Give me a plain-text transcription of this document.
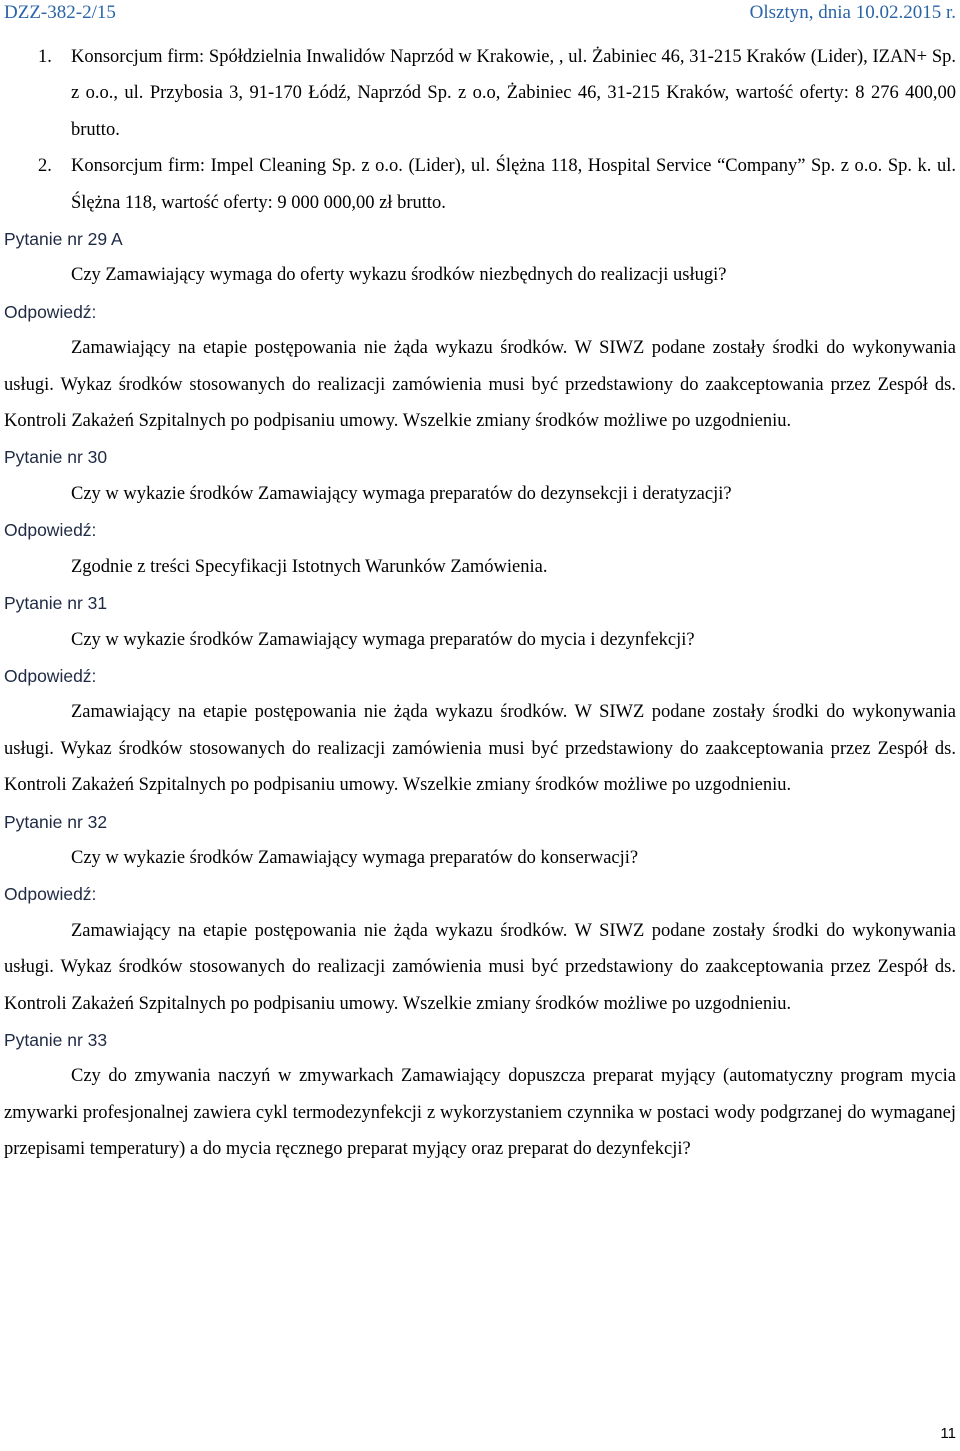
DZZ-382-2/15	Olsztyn, dnia 10.02.2015 r.
1. Konsorcjum firm: Spółdzielnia Inwalidów Naprzód w Krakowie, , ul. Żabiniec 46, 31-215 Kraków (Lider), IZAN+ Sp. z o.o., ul. Przybosia 3, 91-170 Łódź, Naprzód Sp. z o.o, Żabiniec 46, 31-215 Kraków, wartość oferty: 8 276 400,00 brutto.
2. Konsorcjum firm: Impel Cleaning Sp. z o.o. (Lider), ul. Ślężna 118, Hospital Service “Company” Sp. z o.o. Sp. k. ul. Ślężna 118, wartość oferty: 9 000 000,00 zł brutto.
Pytanie nr 29 A
Czy Zamawiający wymaga do oferty wykazu środków niezbędnych do realizacji usługi?
Odpowiedź:
Zamawiający na etapie postępowania nie żąda wykazu środków. W SIWZ podane zostały środki do wykonywania usługi. Wykaz środków stosowanych do realizacji zamówienia musi być przedstawiony do zaakceptowania przez Zespół ds. Kontroli Zakażeń Szpitalnych po podpisaniu umowy. Wszelkie zmiany środków możliwe po uzgodnieniu.
Pytanie nr 30
Czy w wykazie środków Zamawiający wymaga preparatów do dezynsekcji i deratyzacji?
Odpowiedź:
Zgodnie z treści Specyfikacji Istotnych Warunków Zamówienia.
Pytanie nr 31
Czy w wykazie środków Zamawiający wymaga preparatów do mycia i dezynfekcji?
Odpowiedź:
Zamawiający na etapie postępowania nie żąda wykazu środków. W SIWZ podane zostały środki do wykonywania usługi. Wykaz środków stosowanych do realizacji zamówienia musi być przedstawiony do zaakceptowania przez Zespół ds. Kontroli Zakażeń Szpitalnych po podpisaniu umowy. Wszelkie zmiany środków możliwe po uzgodnieniu.
Pytanie nr 32
Czy w wykazie środków Zamawiający wymaga preparatów do konserwacji?
Odpowiedź:
Zamawiający na etapie postępowania nie żąda wykazu środków. W SIWZ podane zostały środki do wykonywania usługi. Wykaz środków stosowanych do realizacji zamówienia musi być przedstawiony do zaakceptowania przez Zespół ds. Kontroli Zakażeń Szpitalnych po podpisaniu umowy. Wszelkie zmiany środków możliwe po uzgodnieniu.
Pytanie nr 33
Czy do zmywania naczyń w zmywarkach Zamawiający dopuszcza preparat myjący (automatyczny program mycia zmywarki profesjonalnej zawiera cykl termodezynfekcji z wykorzystaniem czynnika w postaci wody podgrzanej do wymaganej przepisami temperatury) a do mycia ręcznego preparat myjący oraz preparat do dezynfekcji?
11
